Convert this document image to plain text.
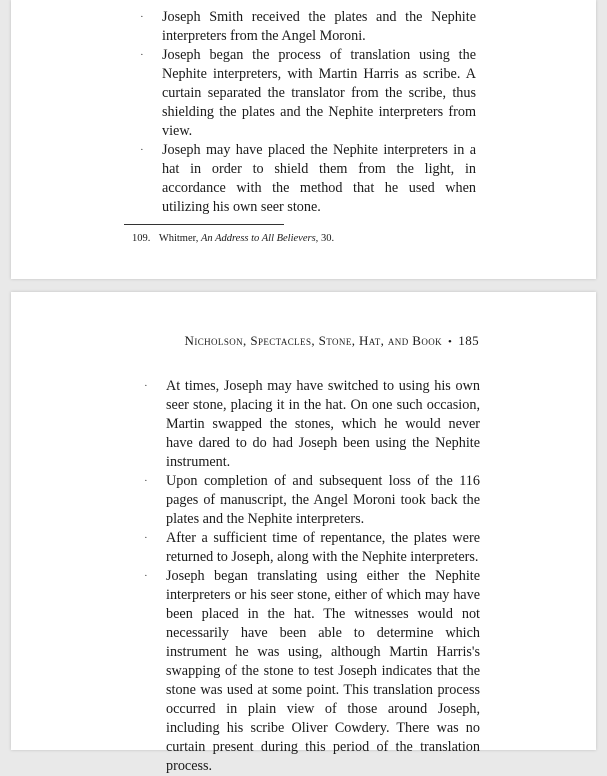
· Joseph Smith received the plates and the Nephite interpreters from the Angel Moroni.
· Joseph began the process of translation using the Nephite interpreters, with Martin Harris as scribe. A curtain separated the translator from the scribe, thus shielding the plates and the Nephite interpreters from view.
· Joseph may have placed the Nephite interpreters in a hat in order to shield them from the light, in accordance with the method that he used when utilizing his own seer stone.
109. Whitmer, An Address to All Believers, 30.
Nicholson, Spectacles, Stone, Hat, and Book • 185
· At times, Joseph may have switched to using his own seer stone, placing it in the hat. On one such occasion, Martin swapped the stones, which he would never have dared to do had Joseph been using the Nephite instrument.
· Upon completion of and subsequent loss of the 116 pages of manuscript, the Angel Moroni took back the plates and the Nephite interpreters.
· After a sufficient time of repentance, the plates were returned to Joseph, along with the Nephite interpreters.
· Joseph began translating using either the Nephite interpreters or his seer stone, either of which may have been placed in the hat. The witnesses would not necessarily have been able to determine which instrument he was using, although Martin Harris's swapping of the stone to test Joseph indicates that the stone was used at some point. This translation process occurred in plain view of those around Joseph, including his scribe Oliver Cowdery. There was no curtain present during this period of the translation process.
